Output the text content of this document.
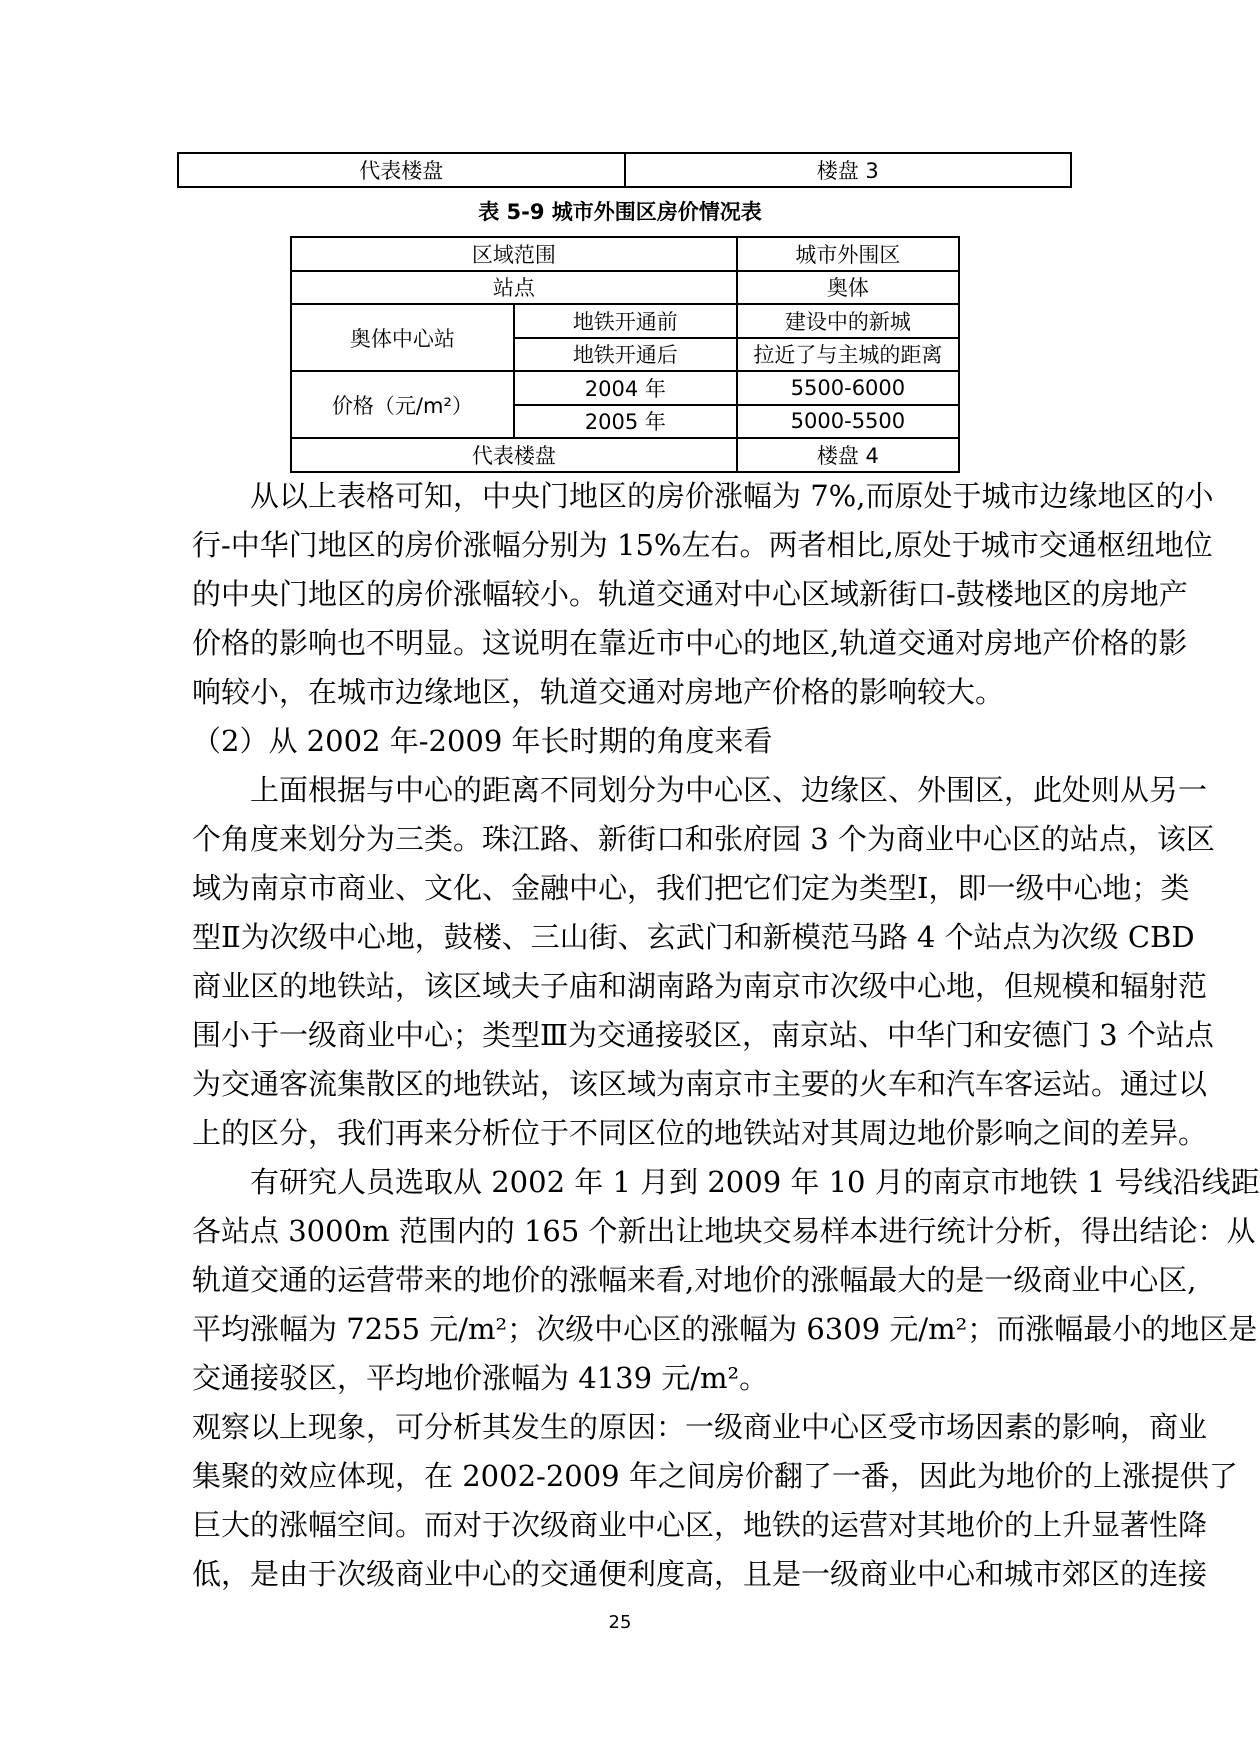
代表楼盘	楼盘 3
表 5-9 城市外围区房价情况表
区域范围		城市外围区
站点		奥体
奥体中心站	地铁开通前	建设中的新城
	地铁开通后	拉近了与主城的距离
价格（元/m²）	2004 年	5500-6000
	2005 年	5000-5500
代表楼盘		楼盘 4
从以上表格可知，中央门地区的房价涨幅为 7%,而原处于城市边缘地区的小
行-中华门地区的房价涨幅分别为 15%左右。两者相比,原处于城市交通枢纽地位
的中央门地区的房价涨幅较小。轨道交通对中心区域新街口-鼓楼地区的房地产
价格的影响也不明显。这说明在靠近市中心的地区,轨道交通对房地产价格的影
响较小，在城市边缘地区，轨道交通对房地产价格的影响较大。
（2）从 2002 年-2009 年长时期的角度来看
上面根据与中心的距离不同划分为中心区、边缘区、外围区，此处则从另一
个角度来划分为三类。珠江路、新街口和张府园 3 个为商业中心区的站点，该区
域为南京市商业、文化、金融中心，我们把它们定为类型Ⅰ，即一级中心地；类
型Ⅱ为次级中心地，鼓楼、三山街、玄武门和新模范马路 4 个站点为次级 CBD
商业区的地铁站，该区域夫子庙和湖南路为南京市次级中心地，但规模和辐射范
围小于一级商业中心；类型Ⅲ为交通接驳区，南京站、中华门和安德门 3 个站点
为交通客流集散区的地铁站，该区域为南京市主要的火车和汽车客运站。通过以
上的区分，我们再来分析位于不同区位的地铁站对其周边地价影响之间的差异。
有研究人员选取从 2002 年 1 月到 2009 年 10 月的南京市地铁 1 号线沿线距
各站点 3000m 范围内的 165 个新出让地块交易样本进行统计分析，得出结论：从
轨道交通的运营带来的地价的涨幅来看,对地价的涨幅最大的是一级商业中心区,
平均涨幅为 7255 元/m²；次级中心区的涨幅为 6309 元/m²；而涨幅最小的地区是
交通接驳区，平均地价涨幅为 4139 元/m²。
观察以上现象，可分析其发生的原因：一级商业中心区受市场因素的影响，商业
集聚的效应体现，在 2002-2009 年之间房价翻了一番，因此为地价的上涨提供了
巨大的涨幅空间。而对于次级商业中心区，地铁的运营对其地价的上升显著性降
低，是由于次级商业中心的交通便利度高，且是一级商业中心和城市郊区的连接
25
